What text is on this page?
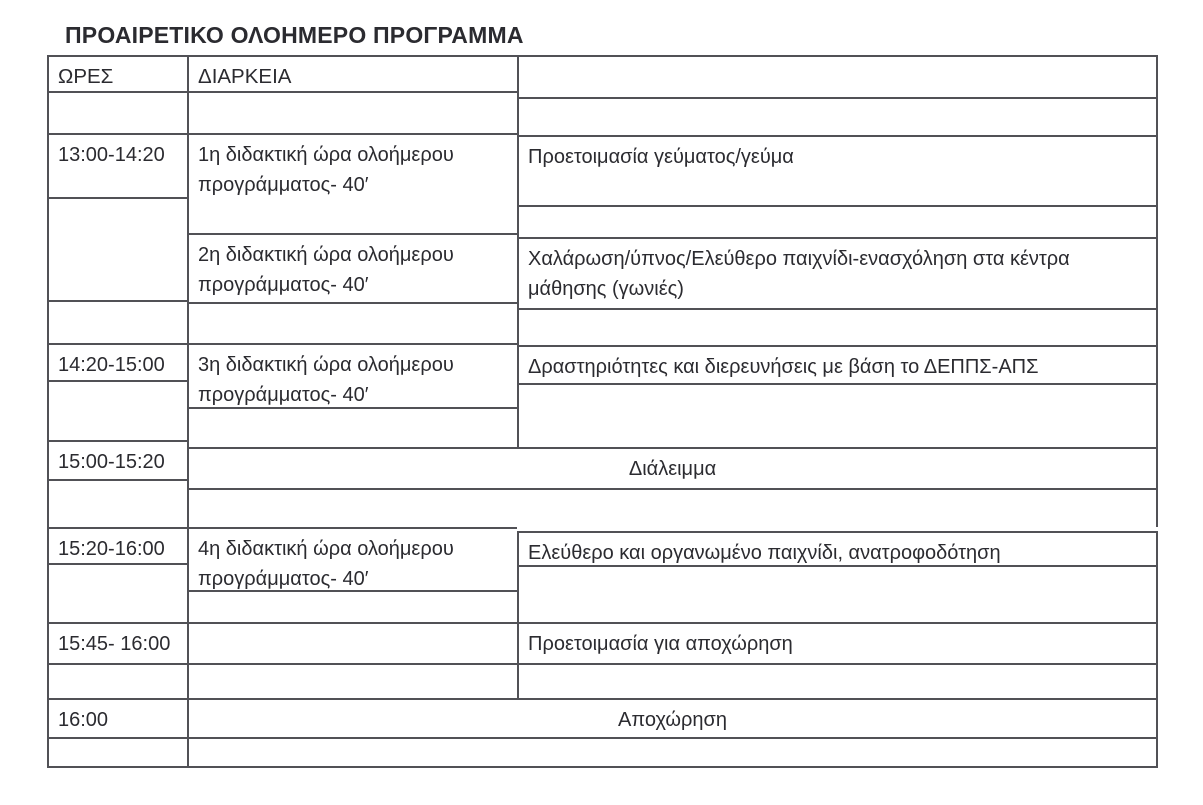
ΠΡΟΑΙΡΕΤΙΚΟ ΟΛΟΗΜΕΡΟ ΠΡΟΓΡΑΜΜΑ
ΩΡΕΣ
13:00-14:20
14:20-15:00
15:00-15:20
15:20-16:00
15:45- 16:00
16:00
ΔΙΑΡΚΕΙΑ
1η διδακτική ώρα ολοήμερου προγράμματος- 40′
2η διδακτική ώρα ολοήμερου προγράμματος- 40′
3η διδακτική ώρα ολοήμερου προγράμματος- 40′
4η διδακτική ώρα ολοήμερου προγράμματος- 40′
Προετοιμασία γεύματος/γεύμα
Χαλάρωση/ύπνος/Ελεύθερο παιχνίδι-ενασχόληση στα κέντρα μάθησης (γωνιές)
Δραστηριότητες και διερευνήσεις με βάση το ΔΕΠΠΣ-ΑΠΣ
Ελεύθερο και οργανωμένο παιχνίδι, ανατροφοδότηση
Προετοιμασία για αποχώρηση
Διάλειμμα
Αποχώρηση
